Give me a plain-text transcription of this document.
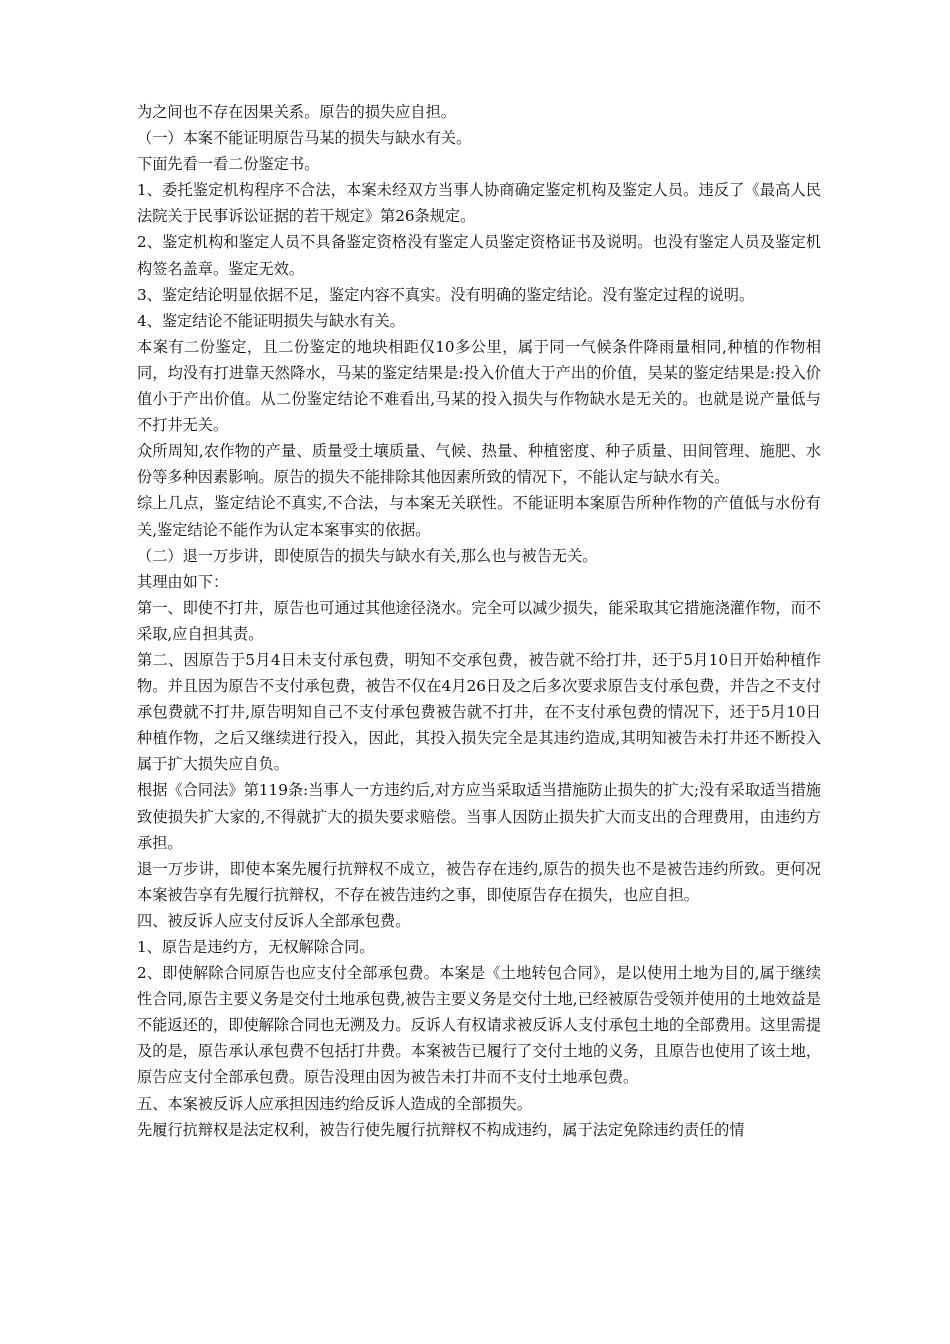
为之间也不存在因果关系。原告的损失应自担。

（一）本案不能证明原告马某的损失与缺水有关。

下面先看一看二份鉴定书。

1、委托鉴定机构程序不合法，本案未经双方当事人协商确定鉴定机构及鉴定人员。违反了《最高人民法院关于民事诉讼证据的若干规定》第26条规定。

2、鉴定机构和鉴定人员不具备鉴定资格没有鉴定人员鉴定资格证书及说明。也没有鉴定人员及鉴定机构签名盖章。鉴定无效。

3、鉴定结论明显依据不足，鉴定内容不真实。没有明确的鉴定结论。没有鉴定过程的说明。

4、鉴定结论不能证明损失与缺水有关。

本案有二份鉴定，且二份鉴定的地块相距仅10多公里，属于同一气候条件降雨量相同,种植的作物相同，均没有打进靠天然降水，马某的鉴定结果是:投入价值大于产出的价值，吴某的鉴定结果是:投入价值小于产出价值。从二份鉴定结论不难看出,马某的投入损失与作物缺水是无关的。也就是说产量低与不打井无关。

众所周知,农作物的产量、质量受土壤质量、气候、热量、种植密度、种子质量、田间管理、施肥、水份等多种因素影响。原告的损失不能排除其他因素所致的情况下，不能认定与缺水有关。

综上几点，鉴定结论不真实,不合法，与本案无关联性。不能证明本案原告所种作物的产值低与水份有关,鉴定结论不能作为认定本案事实的依据。

（二）退一万步讲，即使原告的损失与缺水有关,那么也与被告无关。

其理由如下：

第一、即使不打井，原告也可通过其他途径浇水。完全可以减少损失，能采取其它措施浇灌作物，而不采取,应自担其责。

第二、因原告于5月4日未支付承包费，明知不交承包费，被告就不给打井，还于5月10日开始种植作物。并且因为原告不支付承包费，被告不仅在4月26日及之后多次要求原告支付承包费，并告之不支付承包费就不打井,原告明知自己不支付承包费被告就不打井，在不支付承包费的情况下，还于5月10日种植作物，之后又继续进行投入，因此，其投入损失完全是其违约造成,其明知被告未打井还不断投入属于扩大损失应自负。

根据《合同法》第119条:当事人一方违约后,对方应当采取适当措施防止损失的扩大;没有采取适当措施致使损失扩大家的,不得就扩大的损失要求赔偿。当事人因防止损失扩大而支出的合理费用，由违约方承担。

退一万步讲，即使本案先履行抗辩权不成立，被告存在违约,原告的损失也不是被告违约所致。更何况本案被告享有先履行抗辩权，不存在被告违约之事，即使原告存在损失，也应自担。

四、被反诉人应支付反诉人全部承包费。

1、原告是违约方，无权解除合同。

2、即使解除合同原告也应支付全部承包费。本案是《土地转包合同》，是以使用土地为目的,属于继续性合同,原告主要义务是交付土地承包费,被告主要义务是交付土地,已经被原告受领并使用的土地效益是不能返还的，即使解除合同也无溯及力。反诉人有权请求被反诉人支付承包土地的全部费用。这里需提及的是，原告承认承包费不包括打井费。本案被告已履行了交付土地的义务，且原告也使用了该土地，原告应支付全部承包费。原告没理由因为被告未打井而不支付土地承包费。

五、本案被反诉人应承担因违约给反诉人造成的全部损失。

先履行抗辩权是法定权利，被告行使先履行抗辩权不构成违约，属于法定免除违约责任的情
